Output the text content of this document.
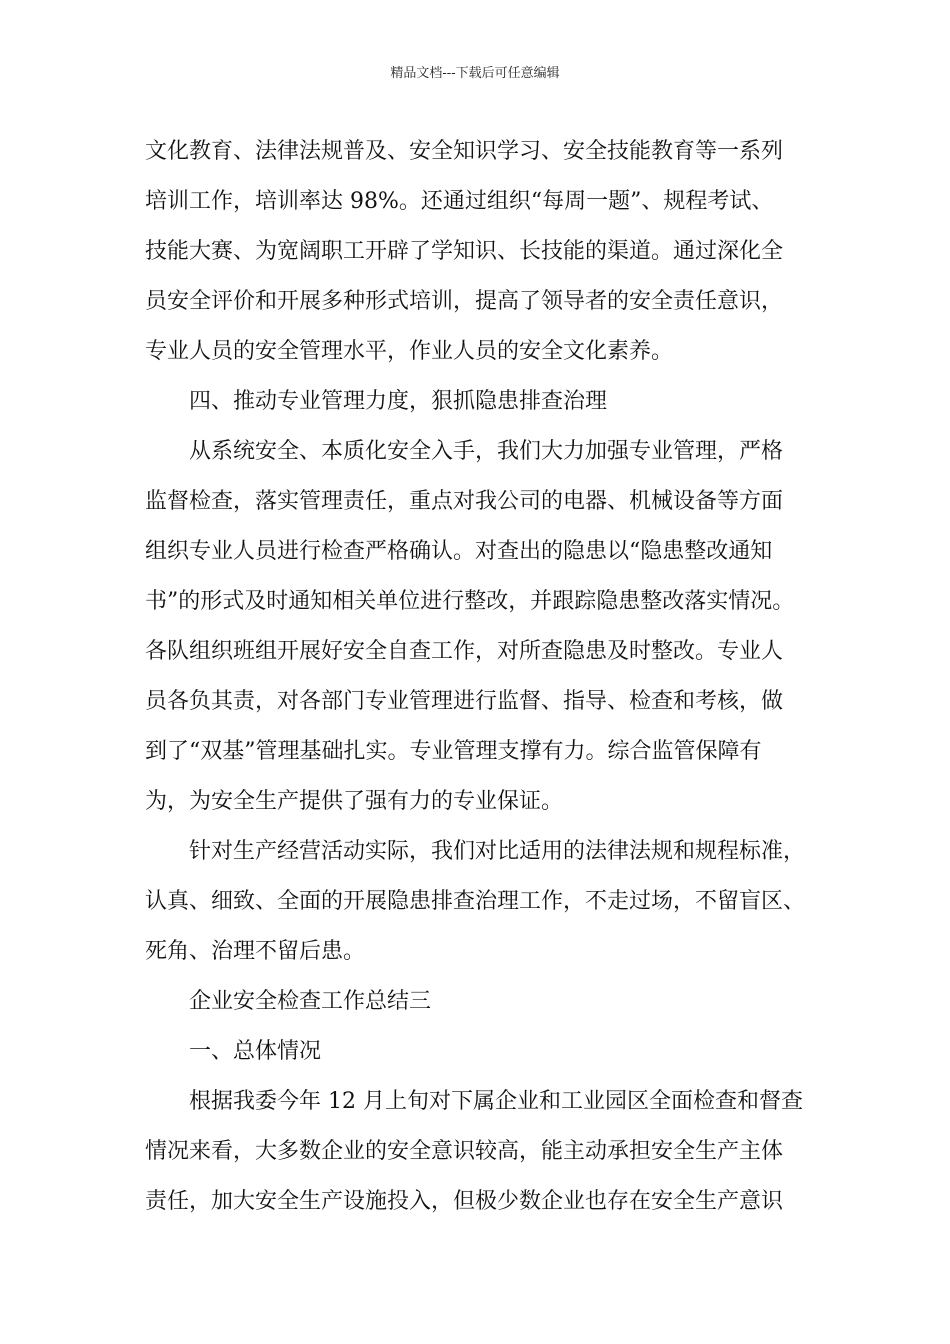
精品文档---下载后可任意编辑
文化教育、法律法规普及、安全知识学习、安全技能教育等一系列
培训工作，培训率达 98%。还通过组织“每周一题”、规程考试、
技能大赛、为宽阔职工开辟了学知识、长技能的渠道。通过深化全
员安全评价和开展多种形式培训，提高了领导者的安全责任意识，
专业人员的安全管理水平，作业人员的安全文化素养。
四、推动专业管理力度，狠抓隐患排查治理
从系统安全、本质化安全入手，我们大力加强专业管理，严格
监督检查，落实管理责任，重点对我公司的电器、机械设备等方面
组织专业人员进行检查严格确认。对查出的隐患以“隐患整改通知
书”的形式及时通知相关单位进行整改，并跟踪隐患整改落实情况。
各队组织班组开展好安全自查工作，对所查隐患及时整改。专业人
员各负其责，对各部门专业管理进行监督、指导、检查和考核，做
到了“双基”管理基础扎实。专业管理支撑有力。综合监管保障有
为，为安全生产提供了强有力的专业保证。
针对生产经营活动实际，我们对比适用的法律法规和规程标准，
认真、细致、全面的开展隐患排查治理工作，不走过场，不留盲区、
死角、治理不留后患。
企业安全检查工作总结三
一、总体情况
根据我委今年 12 月上旬对下属企业和工业园区全面检查和督查
情况来看，大多数企业的安全意识较高，能主动承担安全生产主体
责任，加大安全生产设施投入，但极少数企业也存在安全生产意识
